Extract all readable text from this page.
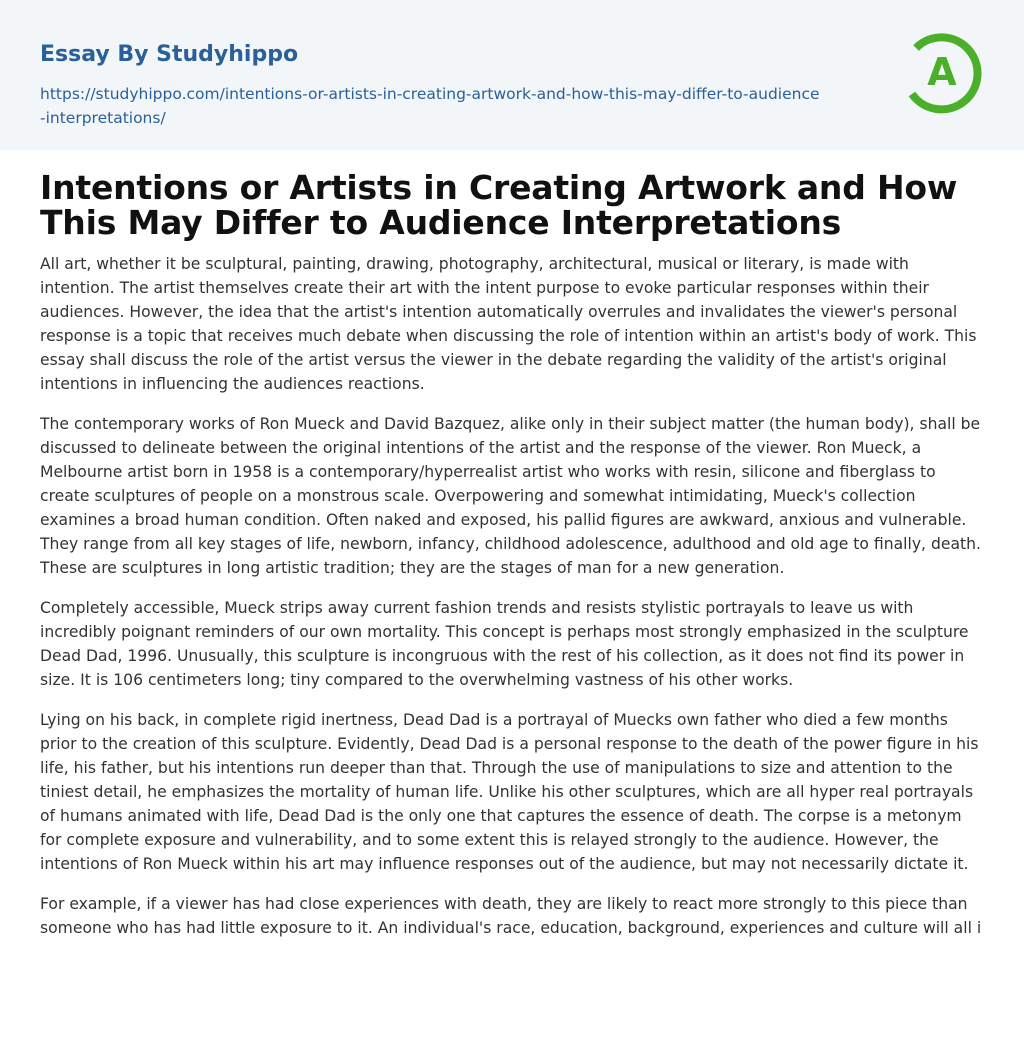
Essay By Studyhippo
https://studyhippo.com/intentions-or-artists-in-creating-artwork-and-how-this-may-differ-to-audience-interpretations/
A
Intentions or Artists in Creating Artwork and How This May Differ to Audience Interpretations

All art, whether it be sculptural, painting, drawing, photography, architectural, musical or literary, is made with intention. The artist themselves create their art with the intent purpose to evoke particular responses within their audiences. However, the idea that the artist's intention automatically overrules and invalidates the viewer's personal response is a topic that receives much debate when discussing the role of intention within an artist's body of work. This essay shall discuss the role of the artist versus the viewer in the debate regarding the validity of the artist's original intentions in influencing the audiences reactions.

The contemporary works of Ron Mueck and David Bazquez, alike only in their subject matter (the human body), shall be discussed to delineate between the original intentions of the artist and the response of the viewer. Ron Mueck, a Melbourne artist born in 1958 is a contemporary/hyperrealist artist who works with resin, silicone and fiberglass to create sculptures of people on a monstrous scale. Overpowering and somewhat intimidating, Mueck's collection examines a broad human condition. Often naked and exposed, his pallid figures are awkward, anxious and vulnerable. They range from all key stages of life, newborn, infancy, childhood adolescence, adulthood and old age to finally, death. These are sculptures in long artistic tradition; they are the stages of man for a new generation.

Completely accessible, Mueck strips away current fashion trends and resists stylistic portrayals to leave us with incredibly poignant reminders of our own mortality. This concept is perhaps most strongly emphasized in the sculpture Dead Dad, 1996. Unusually, this sculpture is incongruous with the rest of his collection, as it does not find its power in size. It is 106 centimeters long; tiny compared to the overwhelming vastness of his other works.

Lying on his back, in complete rigid inertness, Dead Dad is a portrayal of Muecks own father who died a few months prior to the creation of this sculpture. Evidently, Dead Dad is a personal response to the death of the power figure in his life, his father, but his intentions run deeper than that. Through the use of manipulations to size and attention to the tiniest detail, he emphasizes the mortality of human life. Unlike his other sculptures, which are all hyper real portrayals of humans animated with life, Dead Dad is the only one that captures the essence of death. The corpse is a metonym for complete exposure and vulnerability, and to some extent this is relayed strongly to the audience. However, the intentions of Ron Mueck within his art may influence responses out of the audience, but may not necessarily dictate it.

For example, if a viewer has had close experiences with death, they are likely to react more strongly to this piece than someone who has had little exposure to it. An individual's race, education, background, experiences and culture will all i
